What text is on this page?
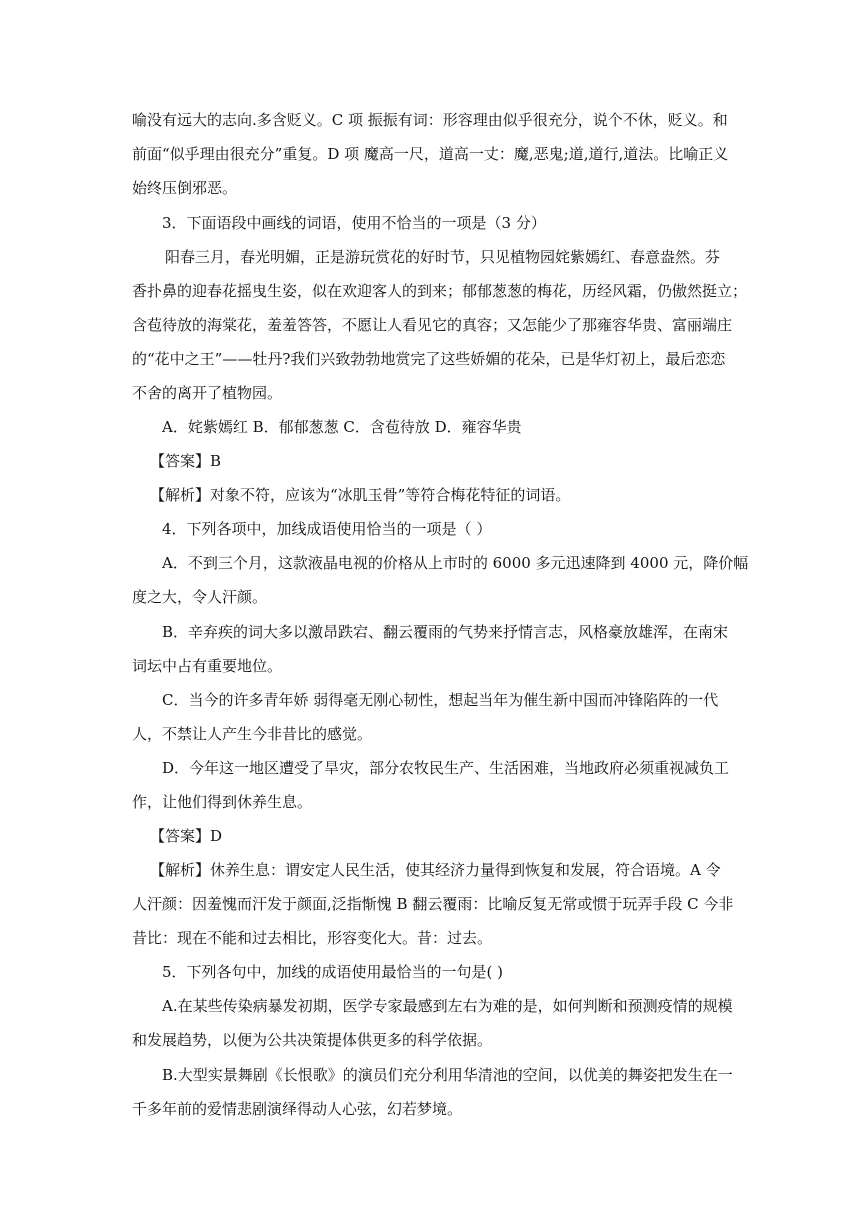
喻没有远大的志向.多含贬义。C 项 振振有词：形容理由似乎很充分，说个不休，贬义。和
前面“似乎理由很充分”重复。D 项 魔高一尺，道高一丈：魔,恶鬼;道,道行,道法。比喻正义
始终压倒邪恶。
3．下面语段中画线的词语，使用不恰当的一项是（3 分）
阳春三月，春光明媚，正是游玩赏花的好时节，只见植物园姹紫嫣红、春意盎然。芬
香扑鼻的迎春花摇曳生姿，似在欢迎客人的到来；郁郁葱葱的梅花，历经风霜，仍傲然挺立；
含苞待放的海棠花，羞羞答答，不愿让人看见它的真容；又怎能少了那雍容华贵、富丽端庄
的“花中之王”——牡丹?我们兴致勃勃地赏完了这些娇媚的花朵，已是华灯初上，最后恋恋
不舍的离开了植物园。
A．姹紫嫣红 B．郁郁葱葱 C．含苞待放 D．雍容华贵
【答案】B
【解析】对象不符，应该为“冰肌玉骨”等符合梅花特征的词语。
4．下列各项中，加线成语使用恰当的一项是（ ）
A．不到三个月，这款液晶电视的价格从上市时的 6000 多元迅速降到 4000 元，降价幅
度之大，令人汗颜。
B．辛弃疾的词大多以激昂跌宕、翻云覆雨的气势来抒情言志，风格豪放雄浑，在南宋
词坛中占有重要地位。
C．当今的许多青年娇 弱得毫无刚心韧性，想起当年为催生新中国而冲锋陷阵的一代
人，不禁让人产生今非昔比的感觉。
D．今年这一地区遭受了旱灾，部分农牧民生产、生活困难，当地政府必须重视减负工
作，让他们得到休养生息。
【答案】D
【解析】休养生息：谓安定人民生活，使其经济力量得到恢复和发展，符合语境。A 令
人汗颜：因羞愧而汗发于颜面,泛指惭愧 B 翻云覆雨：比喻反复无常或惯于玩弄手段 C 今非
昔比：现在不能和过去相比，形容变化大。昔：过去。
5．下列各句中，加线的成语使用最恰当的一句是( )
A.在某些传染病暴发初期，医学专家最感到左右为难的是，如何判断和预测疫情的规模
和发展趋势，以便为公共决策提体供更多的科学依据。
B.大型实景舞剧《长恨歌》的演员们充分利用华清池的空间，以优美的舞姿把发生在一
千多年前的爱情悲剧演绎得动人心弦，幻若梦境。
